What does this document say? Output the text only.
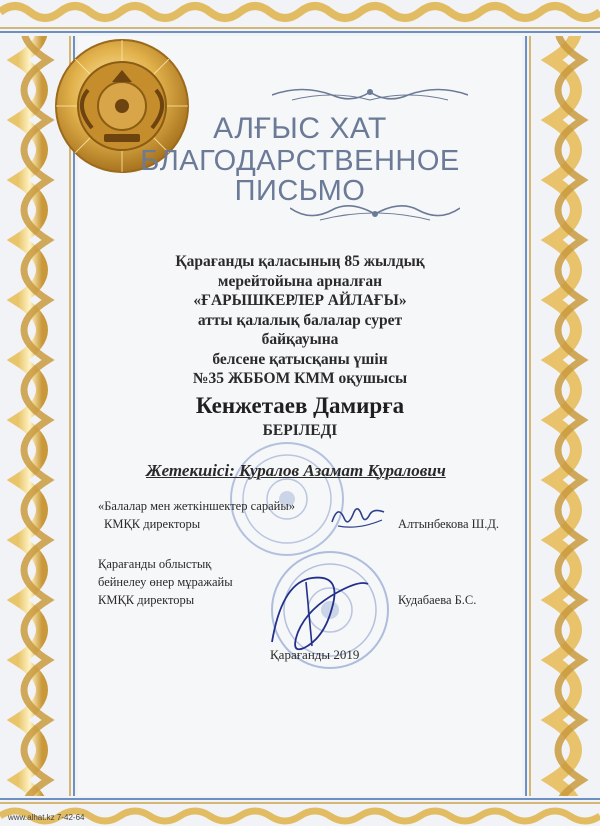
АЛҒЫС ХАТ
БЛАГОДАРСТВЕННОЕ
ПИСЬМО
Қарағанды қаласының 85 жылдық
мерейтойына арналған
«ҒАРЫШКЕРЛЕР АЙЛАҒЫ»
атты қалалық балалар сурет
байқауына
белсене қатысқаны үшін
№35 ЖББОМ КММ оқушысы
Кенжетаев Дамирға
БЕРІЛЕДІ
Жетекшісі: Куралов Азамат Куралович
«Балалар мен жеткіншектер сарайы»
КМҚК директоры	Алтынбекова Ш.Д.
Қарағанды облыстық
бейнелеу өнер мұражайы
КМҚК директоры	Кудабаева Б.С.
Қарағанды 2019
www.alhat.kz 7-42-64
